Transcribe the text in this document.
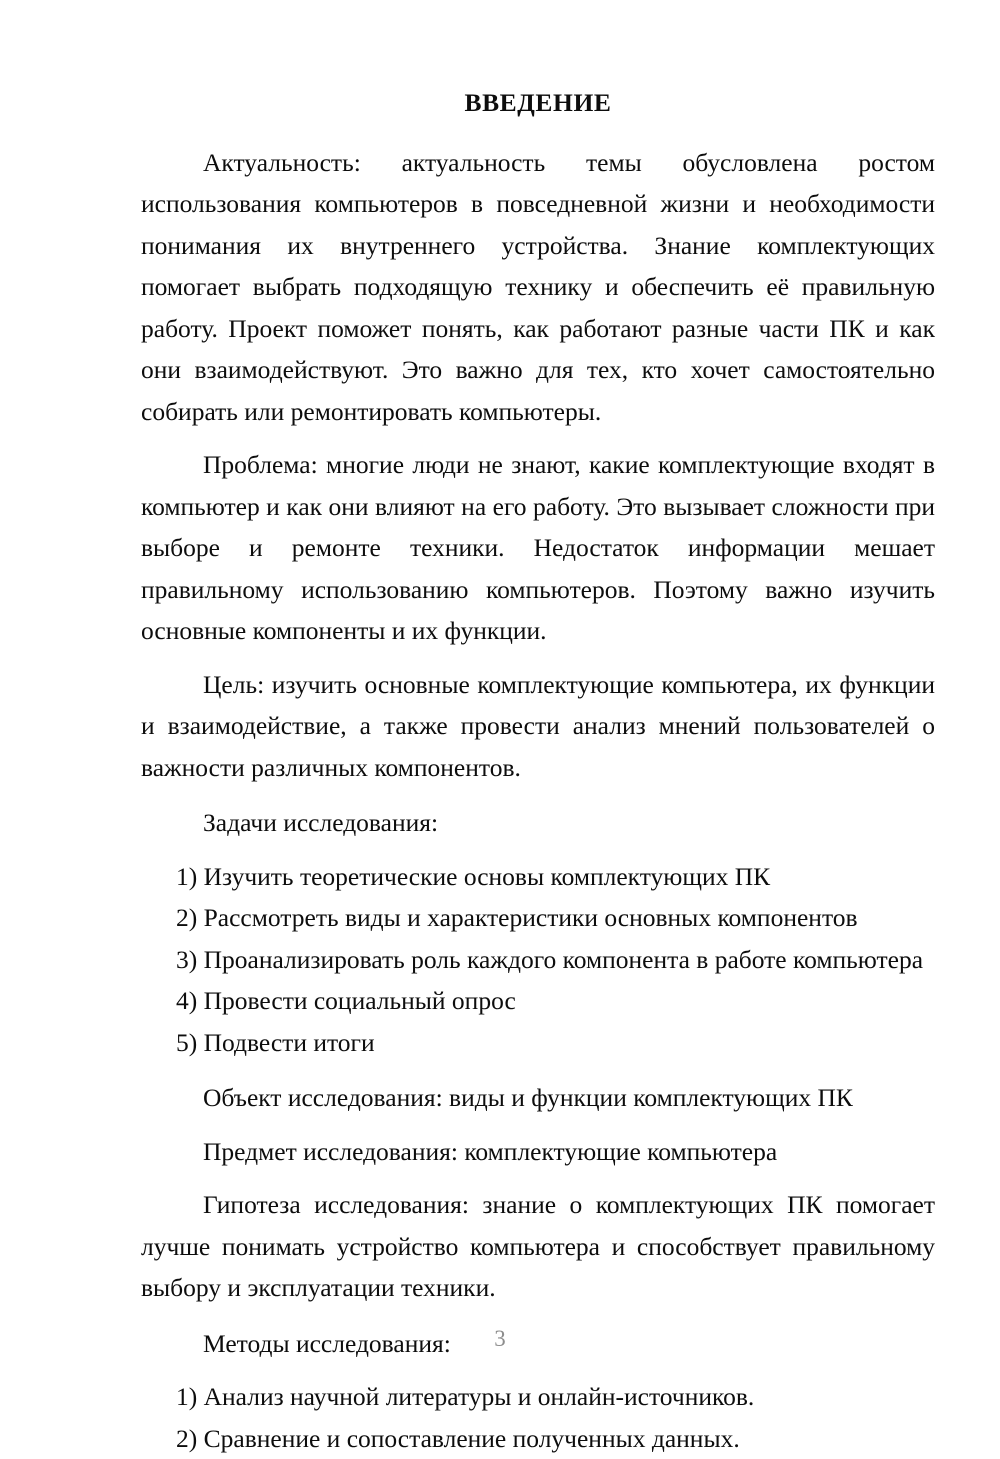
ВВЕДЕНИЕ

Актуальность: актуальность темы обусловлена ростом использования компьютеров в повседневной жизни и необходимости понимания их внутреннего устройства. Знание комплектующих помогает выбрать подходящую технику и обеспечить её правильную работу. Проект поможет понять, как работают разные части ПК и как они взаимодействуют. Это важно для тех, кто хочет самостоятельно собирать или ремонтировать компьютеры.

Проблема: многие люди не знают, какие комплектующие входят в компьютер и как они влияют на его работу. Это вызывает сложности при выборе и ремонте техники. Недостаток информации мешает правильному использованию компьютеров. Поэтому важно изучить основные компоненты и их функции.

Цель: изучить основные комплектующие компьютера, их функции и взаимодействие, а также провести анализ мнений пользователей о важности различных компонентов.

Задачи исследования:

1) Изучить теоретические основы комплектующих ПК
2) Рассмотреть виды и характеристики основных компонентов
3) Проанализировать роль каждого компонента в работе компьютера
4) Провести социальный опрос
5) Подвести итоги

Объект исследования: виды и функции комплектующих ПК

Предмет исследования: комплектующие компьютера

Гипотеза исследования: знание о комплектующих ПК помогает лучше понимать устройство компьютера и способствует правильному выбору и эксплуатации техники.

Методы исследования:

1) Анализ научной литературы и онлайн-источников.
2) Сравнение и сопоставление полученных данных.
3
